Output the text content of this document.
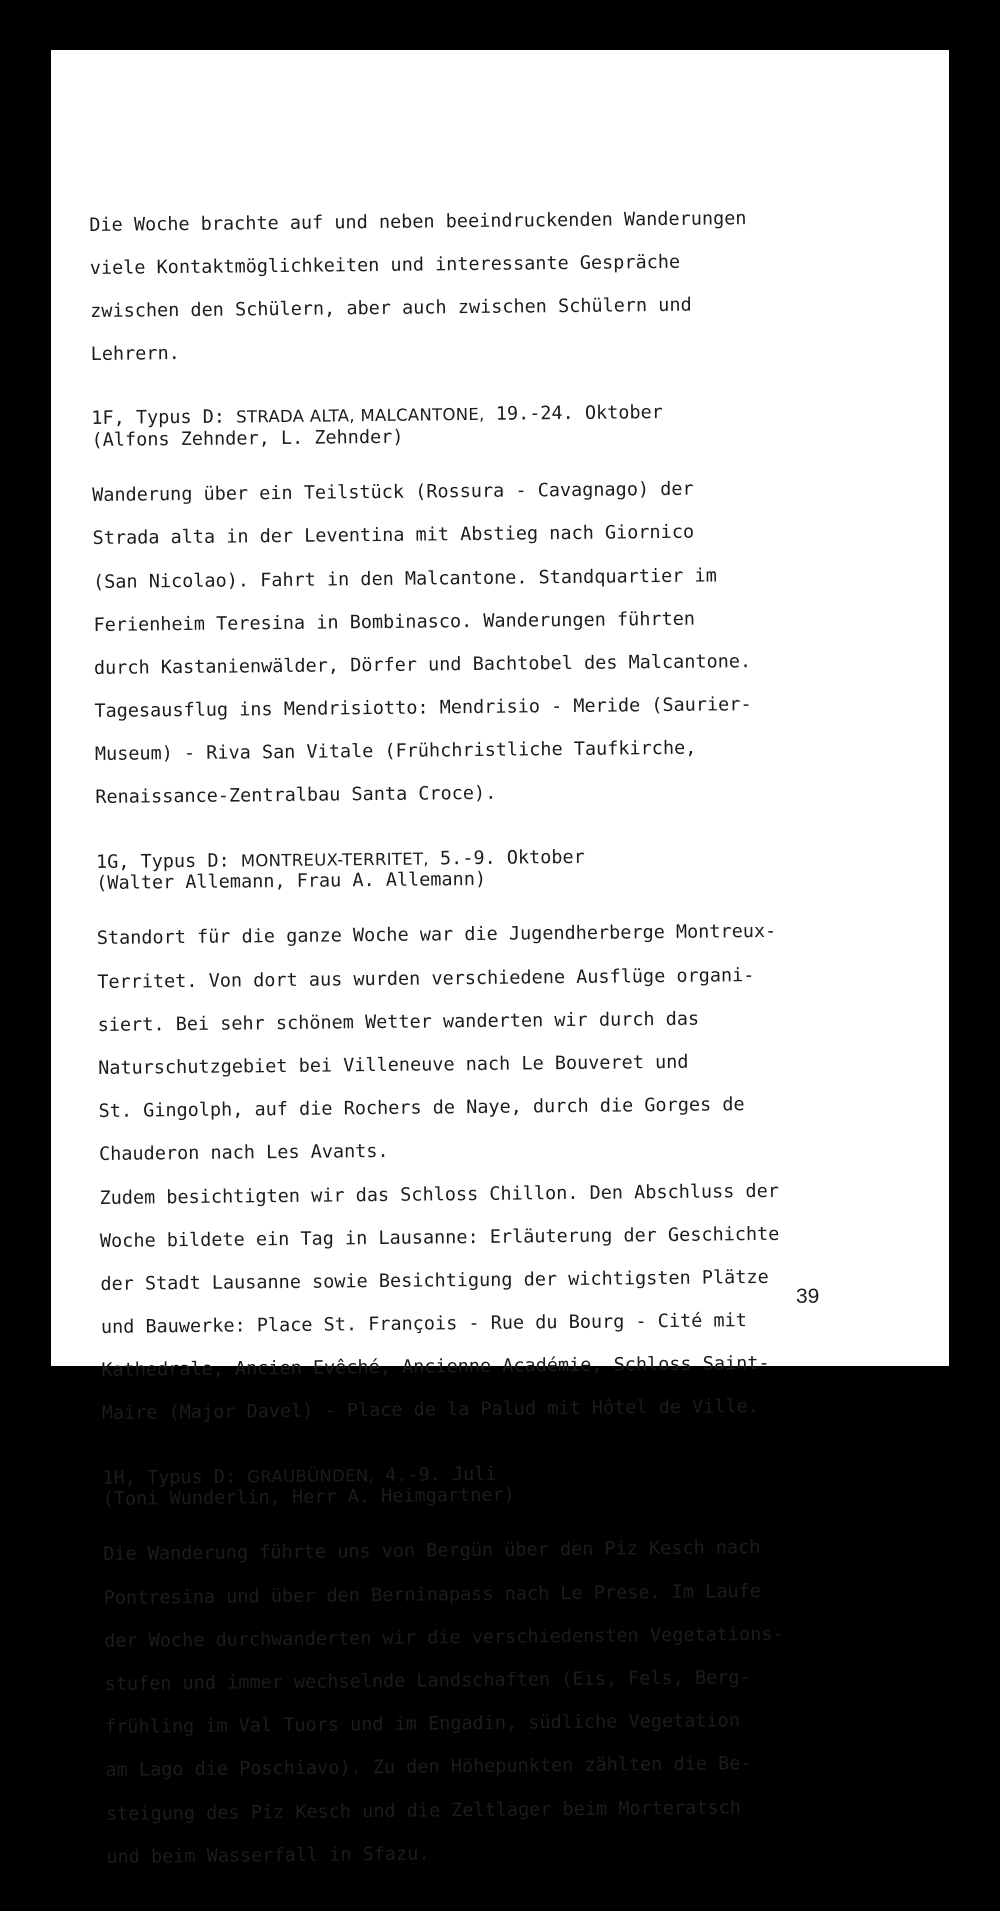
Die Woche brachte auf und neben beeindruckenden Wanderungen

viele Kontaktmöglichkeiten und interessante Gespräche

zwischen den Schülern, aber auch zwischen Schülern und

Lehrern.

1F, Typus D: STRADA ALTA, MALCANTONE, 19.-24. Oktober
(Alfons Zehnder, L. Zehnder)

Wanderung über ein Teilstück (Rossura - Cavagnago) der

Strada alta in der Leventina mit Abstieg nach Giornico

(San Nicolao). Fahrt in den Malcantone. Standquartier im

Ferienheim Teresina in Bombinasco. Wanderungen führten

durch Kastanienwälder, Dörfer und Bachtobel des Malcantone.

Tagesausflug ins Mendrisiotto: Mendrisio - Meride (Saurier-

Museum) - Riva San Vitale (Frühchristliche Taufkirche,

Renaissance-Zentralbau Santa Croce).

1G, Typus D: MONTREUX-TERRITET, 5.-9. Oktober
(Walter Allemann, Frau A. Allemann)

Standort für die ganze Woche war die Jugendherberge Montreux-

Territet. Von dort aus wurden verschiedene Ausflüge organi-

siert. Bei sehr schönem Wetter wanderten wir durch das

Naturschutzgebiet bei Villeneuve nach Le Bouveret und

St. Gingolph, auf die Rochers de Naye, durch die Gorges de

Chauderon nach Les Avants.

Zudem besichtigten wir das Schloss Chillon. Den Abschluss der

Woche bildete ein Tag in Lausanne: Erläuterung der Geschichte

der Stadt Lausanne sowie Besichtigung der wichtigsten Plätze

und Bauwerke: Place St. François - Rue du Bourg - Cité mit

Kathedrale, Ancien Evêché, Ancienne Académie, Schloss Saint-

Maire (Major Davel) - Place de la Palud mit Hôtel de Ville.

1H, Typus D: GRAUBÜNDEN, 4.-9. Juli
(Toni Wunderlin, Herr A. Heimgartner)

Die Wanderung führte uns von Bergün über den Piz Kesch nach

Pontresina und über den Berninapass nach Le Prese. Im Laufe

der Woche durchwanderten wir die verschiedensten Vegetations-

stufen und immer wechselnde Landschaften (Eis, Fels, Berg-

frühling im Val Tuors und im Engadin, südliche Vegetation

am Lago die Poschiavo). Zu den Höhepunkten zählten die Be-

steigung des Piz Kesch und die Zeltlager beim Morteratsch

und beim Wasserfall in Sfazu.

39
